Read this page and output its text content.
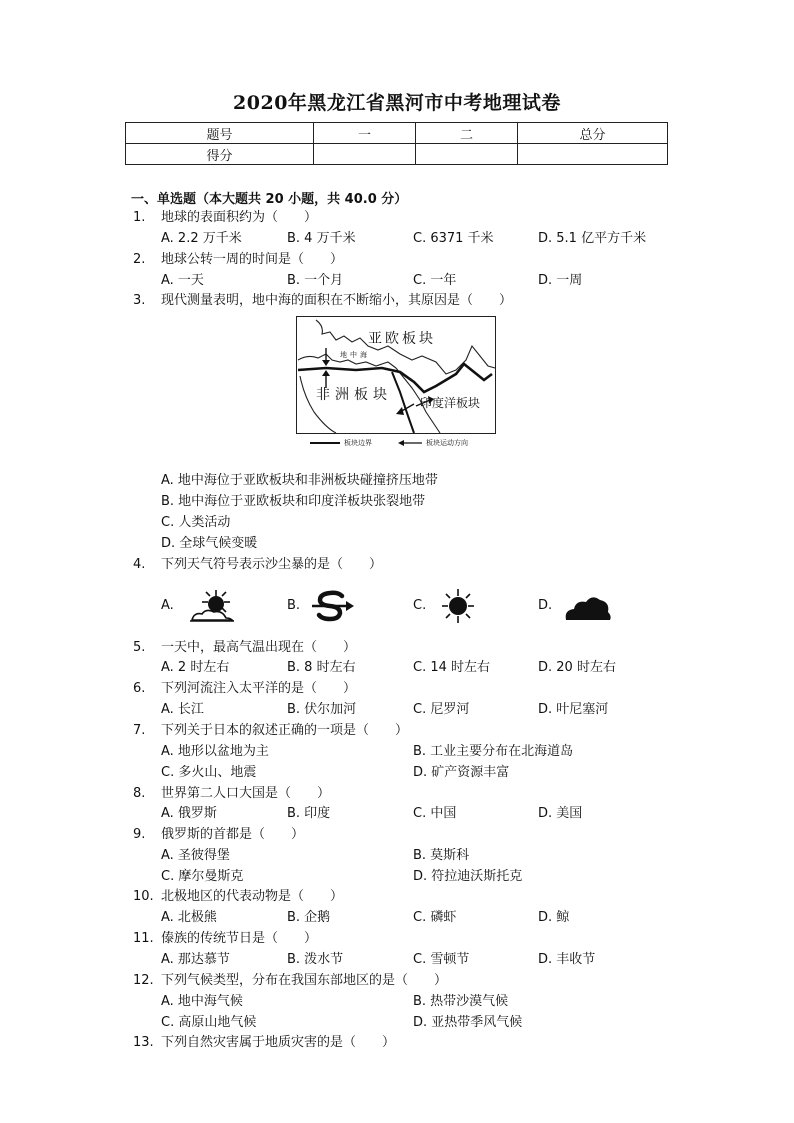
2020年黑龙江省黑河市中考地理试卷
题号	一	二	总分
得分			
一、单选题（本大题共 20 小题，共 40.0 分）
1. 地球的表面积约为（　　）
A. 2.2 万千米	B. 4 万千米	C. 6371 千米	D. 5.1 亿平方千米
2. 地球公转一周的时间是（　　）
A. 一天	B. 一个月	C. 一年	D. 一周
3. 现代测量表明，地中海的面积在不断缩小，其原因是（　　）
亚欧板块
地中海
非洲板块 印度洋板块
板块边界	板块运动方向
A. 地中海位于亚欧板块和非洲板块碰撞挤压地带
B. 地中海位于亚欧板块和印度洋板块张裂地带
C. 人类活动
D. 全球气候变暖
4. 下列天气符号表示沙尘暴的是（　　）
A.	B.	C.	D.
5. 一天中，最高气温出现在（　　）
A. 2 时左右	B. 8 时左右	C. 14 时左右	D. 20 时左右
6. 下列河流注入太平洋的是（　　）
A. 长江	B. 伏尔加河	C. 尼罗河	D. 叶尼塞河
7. 下列关于日本的叙述正确的一项是（　　）
A. 地形以盆地为主	B. 工业主要分布在北海道岛
C. 多火山、地震	D. 矿产资源丰富
8. 世界第二人口大国是（　　）
A. 俄罗斯	B. 印度	C. 中国	D. 美国
9. 俄罗斯的首都是（　　）
A. 圣彼得堡	B. 莫斯科
C. 摩尔曼斯克	D. 符拉迪沃斯托克
10. 北极地区的代表动物是（　　）
A. 北极熊	B. 企鹅	C. 磷虾	D. 鲸
11. 傣族的传统节日是（　　）
A. 那达慕节	B. 泼水节	C. 雪顿节	D. 丰收节
12. 下列气候类型，分布在我国东部地区的是（　　）
A. 地中海气候	B. 热带沙漠气候
C. 高原山地气候	D. 亚热带季风气候
13. 下列自然灾害属于地质灾害的是（　　）
